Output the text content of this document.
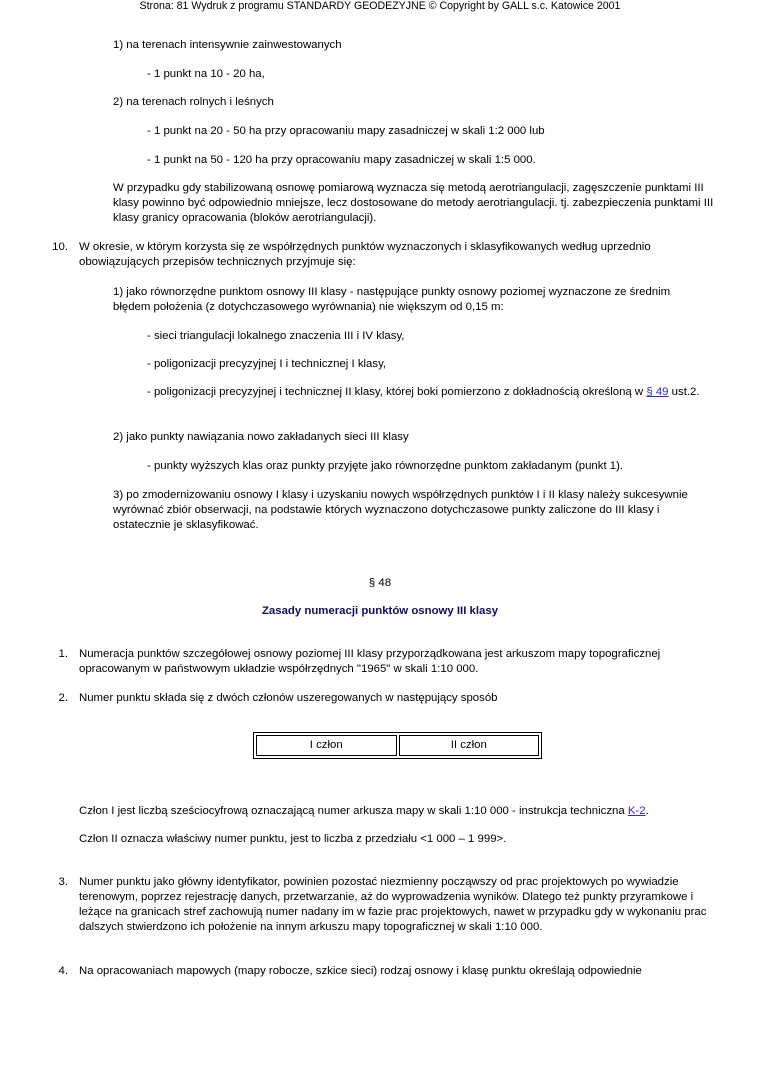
Strona: 81 Wydruk z programu STANDARDY GEODEZYJNE © Copyright by GALL s.c. Katowice 2001
1) na terenach intensywnie zainwestowanych
- 1 punkt na 10 - 20 ha,
2) na terenach rolnych i leśnych
- 1 punkt na 20 - 50 ha przy opracowaniu mapy zasadniczej w skali 1:2 000 lub
- 1 punkt na 50 - 120 ha przy opracowaniu mapy zasadniczej w skali 1:5 000.
W przypadku gdy stabilizowaną osnowę pomiarową wyznacza się metodą aerotriangulacji, zagęszczenie punktami III klasy powinno być odpowiednio mniejsze, lecz dostosowane do metody aerotriangulacji. tj. zabezpieczenia punktami III klasy granicy opracowania (bloków aerotriangulacji).
10. W okresie, w którym korzysta się ze współrzędnych punktów wyznaczonych i sklasyfikowanych według uprzednio obowiązujących przepisów technicznych przyjmuje się:
1) jako równorzędne punktom osnowy III klasy - następujące punkty osnowy poziomej wyznaczone ze średnim błędem położenia (z dotychczasowego wyrównania) nie większym od 0,15 m:
- sieci triangulacji lokalnego znaczenia III i IV klasy,
- poligonizacji precyzyjnej I i technicznej I klasy,
- poligonizacji precyzyjnej i technicznej II klasy, której boki pomierzono z dokładnością określoną w § 49 ust.2.
2) jako punkty nawiązania nowo zakładanych sieci III klasy
- punkty wyższych klas oraz punkty przyjęte jako równorzędne punktom zakładanym (punkt 1).
3) po zmodernizowaniu osnowy I klasy i uzyskaniu nowych współrzędnych punktów I i II klasy należy sukcesywnie wyrównać zbiór obserwacji, na podstawie których wyznaczono dotychczasowe punkty zaliczone do III klasy i ostatecznie je sklasyfikować.
§ 48
Zasady numeracji punktów osnowy III klasy
1. Numeracja punktów szczegółowej osnowy poziomej III klasy przyporządkowana jest arkuszom mapy topograficznej opracowanym w państwowym układzie współrzędnych "1965" w skali 1:10 000.
2. Numer punktu składa się z dwóch członów uszeregowanych w następujący sposób
I człon	II człon
Człon I jest liczbą sześciocyfrową oznaczającą numer arkusza mapy w skali 1:10 000 - instrukcja techniczna K-2.
Człon II oznacza właściwy numer punktu, jest to liczba z przedziału <1 000 – 1 999>.
3. Numer punktu jako główny identyfikator, powinien pozostać niezmienny począwszy od prac projektowych po wywiadzie terenowym, poprzez rejestrację danych, przetwarzanie, aż do wyprowadzenia wyników. Dlatego też punkty przyramkowe i leżące na granicach stref zachowują numer nadany im w fazie prac projektowych, nawet w przypadku gdy w wykonaniu prac dalszych stwierdzono ich położenie na innym arkuszu mapy topograficznej w skali 1:10 000.
4. Na opracowaniach mapowych (mapy robocze, szkice sieci) rodzaj osnowy i klasę punktu określają odpowiednie
